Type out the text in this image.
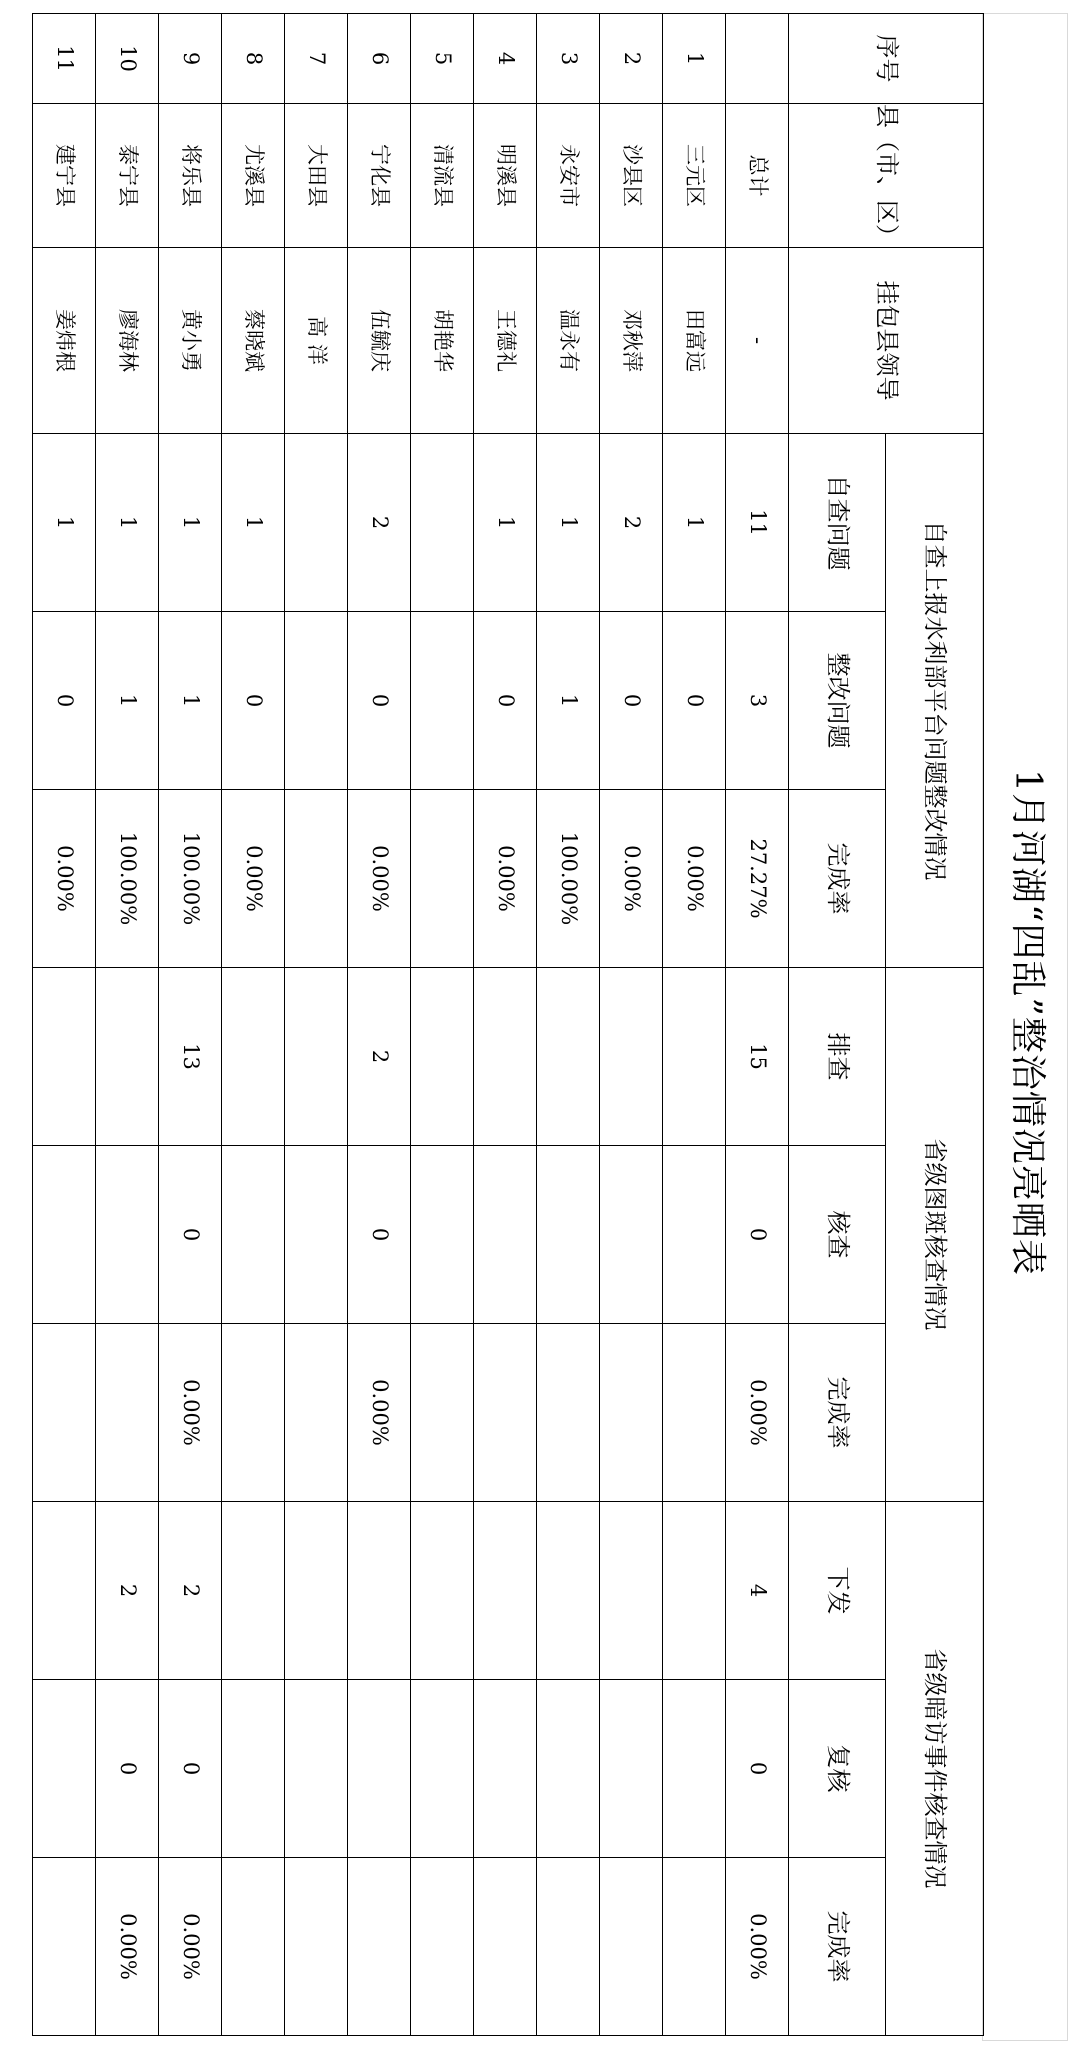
1月河湖“四乱”整治情况亮晒表
序号	县（市、区）	挂包县领导	自查上报水利部平台问题整改情况			省级图斑核查情况			省级暗访事件核查情况		
			自查问题	整改问题	完成率	排查	核查	完成率	下发	复核	完成率
	总计	-	11	3	27.27%	15	0	0.00%	4	0	0.00%
1	三元区	田富远	1	0	0.00%						
2	沙县区	邓秋萍	2	0	0.00%						
3	永安市	温永有	1	1	100.00%						
4	明溪县	王德礼	1	0	0.00%						
5	清流县	胡艳华									
6	宁化县	伍毓庆	2	0	0.00%	2	0	0.00%			
7	大田县	高 洋									
8	尤溪县	蔡晓斌	1	0	0.00%						
9	将乐县	黄小勇	1	1	100.00%	13	0	0.00%	2	0	0.00%
10	泰宁县	廖海林	1	1	100.00%				2	0	0.00%
11	建宁县	姜炜根	1	0	0.00%						
